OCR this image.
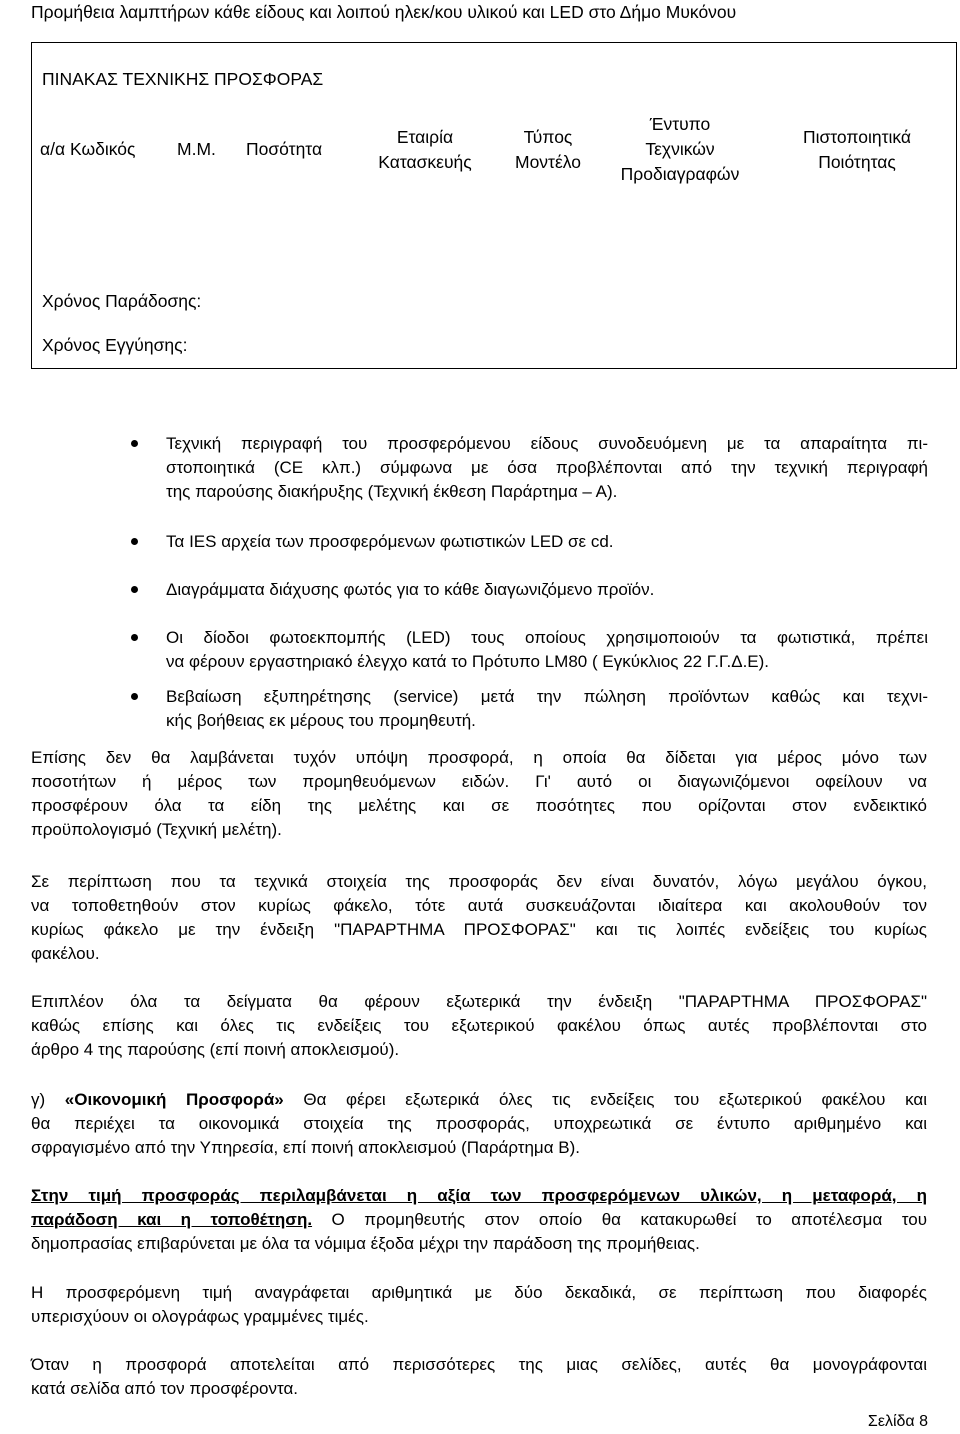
Προμήθεια λαμπτήρων κάθε είδους και λοιπού ηλεκ/κου υλικού και LED στο Δήμο Μυκόνου
ΠΙΝΑΚΑΣ ΤΕΧΝΙΚΗΣ ΠΡΟΣΦΟΡΑΣ
α/α Κωδικός Μ.Μ. Ποσότητα
Εταιρία
Κατασκευής
Τύπος
Μοντέλο
Έντυπο
Τεχνικών
Προδιαγραφών
Πιστοποιητικά
Ποιότητας
Χρόνος Παράδοσης:
Χρόνος Εγγύησης:
Τεχνική περιγραφή του προσφερόμενου είδους συνοδευόμενη με τα απαραίτητα πι-
στοποιητικά (CE κλπ.) σύμφωνα με όσα προβλέπονται από την τεχνική περιγραφή
της παρούσης διακήρυξης (Τεχνική έκθεση Παράρτημα – Α).
Τα IES αρχεία των προσφερόμενων φωτιστικών LED σε cd.
Διαγράμματα διάχυσης φωτός για το κάθε διαγωνιζόμενο προϊόν.
Οι δίοδοι φωτοεκπομπής (LED) τους οποίους χρησιμοποιούν τα φωτιστικά, πρέπει
να φέρουν εργαστηριακό έλεγχο κατά το Πρότυπο LM80 ( Εγκύκλιος 22 Γ.Γ.Δ.Ε).
Βεβαίωση εξυπηρέτησης (service) μετά την πώληση προϊόντων καθώς και τεχνι-
κής βοήθειας εκ μέρους του προμηθευτή.
Επίσης δεν θα λαμβάνεται τυχόν υπόψη προσφορά, η οποία θα δίδεται για μέρος μόνο των
ποσοτήτων ή μέρος των προμηθευόμενων ειδών. Γι' αυτό οι διαγωνιζόμενοι οφείλουν να
προσφέρουν όλα τα είδη της μελέτης και σε ποσότητες που ορίζονται στον ενδεικτικό
προϋπολογισμό (Τεχνική μελέτη).
Σε περίπτωση που τα τεχνικά στοιχεία της προσφοράς δεν είναι δυνατόν, λόγω μεγάλου όγκου,
να τοποθετηθούν στον κυρίως φάκελο, τότε αυτά συσκευάζονται ιδιαίτερα και ακολουθούν τον
κυρίως φάκελο με την ένδειξη "ΠΑΡΑΡΤΗΜΑ ΠΡΟΣΦΟΡΑΣ" και τις λοιπές ενδείξεις του κυρίως
φακέλου.
Επιπλέον όλα τα δείγματα θα φέρουν εξωτερικά την ένδειξη "ΠΑΡΑΡΤΗΜΑ ΠΡΟΣΦΟΡΑΣ"
καθώς επίσης και όλες τις ενδείξεις του εξωτερικού φακέλου όπως αυτές προβλέπονται στο
άρθρο 4 της παρούσης (επί ποινή αποκλεισμού).
γ) «Οικονομική Προσφορά» Θα φέρει εξωτερικά όλες τις ενδείξεις του εξωτερικού φακέλου και
θα περιέχει τα οικονομικά στοιχεία της προσφοράς, υποχρεωτικά σε έντυπο αριθμημένο και
σφραγισμένο από την Υπηρεσία, επί ποινή αποκλεισμού (Παράρτημα Β).
Στην τιμή προσφοράς περιλαμβάνεται η αξία των προσφερόμενων υλικών, η μεταφορά, η
παράδοση και η τοποθέτηση. Ο προμηθευτής στον οποίο θα κατακυρωθεί το αποτέλεσμα του
δημοπρασίας επιβαρύνεται με όλα τα νόμιμα έξοδα μέχρι την παράδοση της προμήθειας.
Η προσφερόμενη τιμή αναγράφεται αριθμητικά με δύο δεκαδικά, σε περίπτωση που διαφορές
υπερισχύουν οι ολογράφως γραμμένες τιμές.
Όταν η προσφορά αποτελείται από περισσότερες της μιας σελίδες, αυτές θα μονογράφονται
κατά σελίδα από τον προσφέροντα.
Σελίδα 8
